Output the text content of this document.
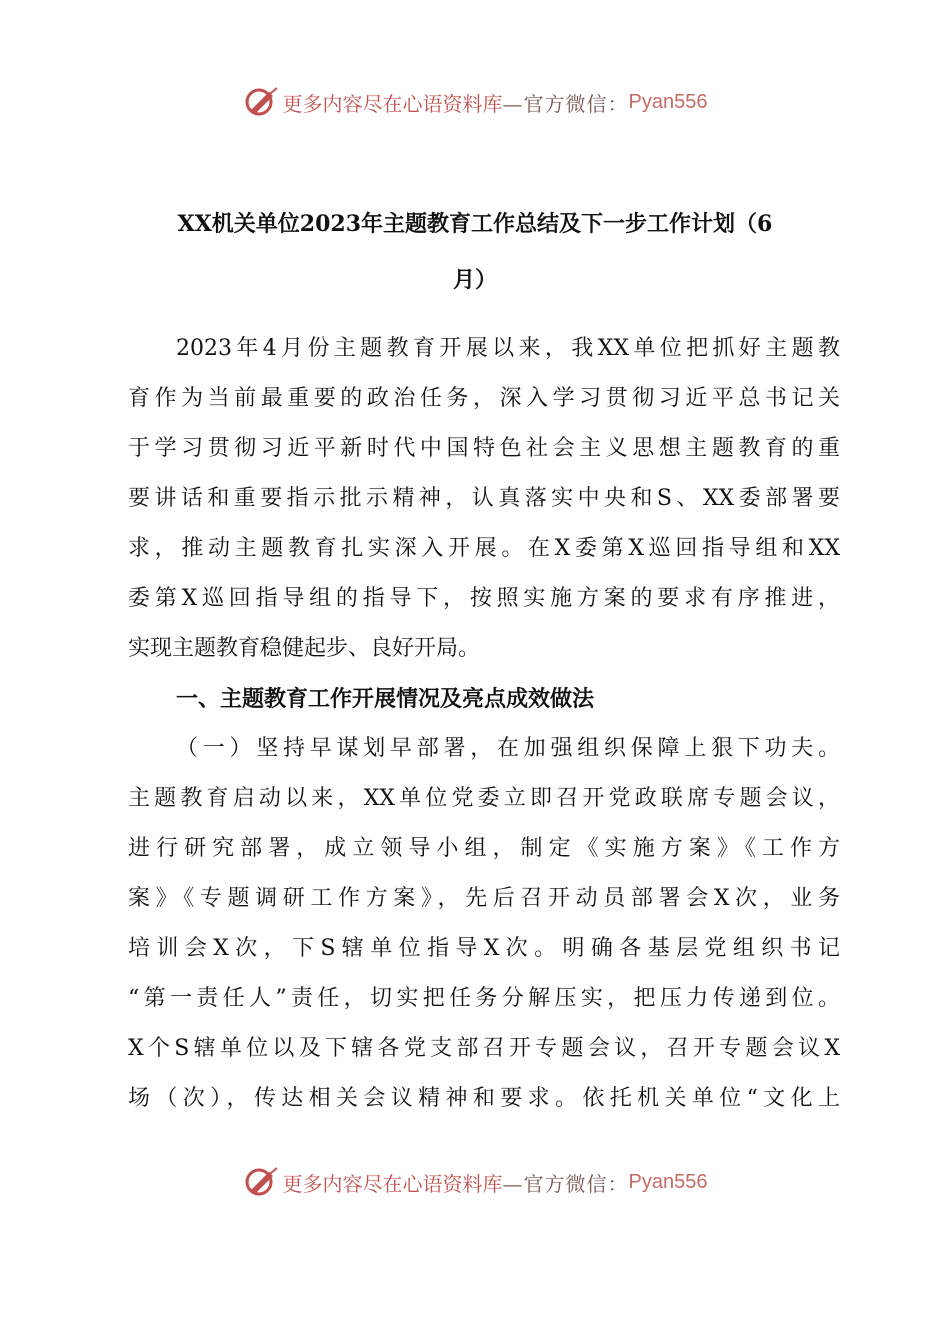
更多内容尽在心语资料库 —官方微信： Pyan556
XX机关单位2023年主题教育工作总结及下一步工作计划（6
月）
2023年4月份主题教育开展以来，我XX单位把抓好主题教
育作为当前最重要的政治任务，深入学习贯彻习近平总书记关
于学习贯彻习近平新时代中国特色社会主义思想主题教育的重
要讲话和重要指示批示精神，认真落实中央和S、XX委部署要
求，推动主题教育扎实深入开展。在X委第X巡回指导组和XX
委第X巡回指导组的指导下，按照实施方案的要求有序推进，
实现主题教育稳健起步、良好开局。
一、主题教育工作开展情况及亮点成效做法
（一）坚持早谋划早部署，在加强组织保障上狠下功夫。
主题教育启动以来，XX单位党委立即召开党政联席专题会议，
进行研究部署，成立领导小组，制定《实施方案》《工作方
案》《专题调研工作方案》，先后召开动员部署会X次，业务
培训会X次，下S辖单位指导X次。明确各基层党组织书记
“第一责任人”责任，切实把任务分解压实，把压力传递到位。
X个S辖单位以及下辖各党支部召开专题会议，召开专题会议X
场（次），传达相关会议精神和要求。依托机关单位“文化上
更多内容尽在心语资料库 —官方微信： Pyan556
